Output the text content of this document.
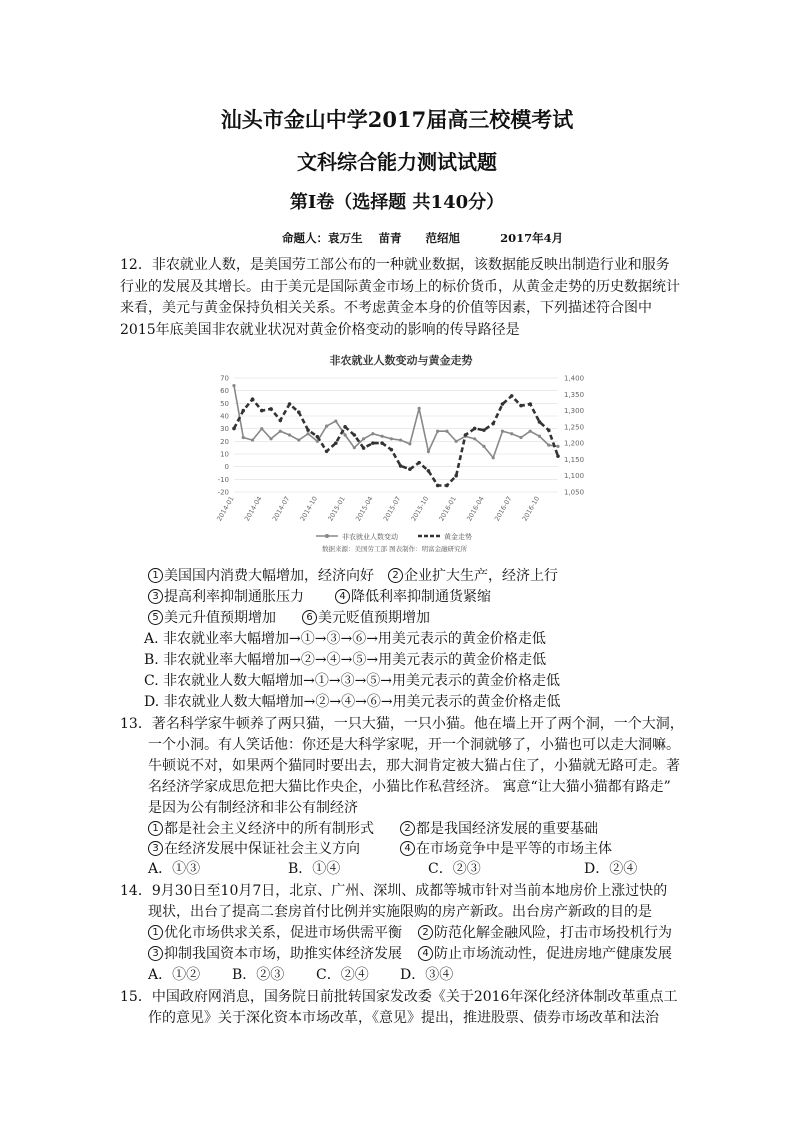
汕头市金山中学2017届高三校模考试
文科综合能力测试试题
第I卷（选择题 共140分）
命题人：袁万生    苗青      范绍旭	2017年4月
12．非农就业人数，是美国劳工部公布的一种就业数据，该数据能反映出制造行业和服务行业的发展及其增长。由于美元是国际黄金市场上的标价货币，从黄金走势的历史数据统计来看，美元与黄金保持负相关关系。不考虑黄金本身的价值等因素，下列描述符合图中2015年底美国非农就业状况对黄金价格变动的影响的传导路径是
非农就业人数变动与黄金走势
-20
-10
0
10
20
30
40
50
60
70
1,050
1,100
1,150
1,200
1,250
1,300
1,350
1,400
2014-01 2014-04 2014-07 2014-10 2015-01 2015-04 2015-07 2015-10 2016-01 2016-04 2016-07 2016-10
非农就业人数变动	黄金走势
数据来源：美国劳工部 图表制作：明富金融研究所
1 美国国内消费大幅增加，经济向好	2 企业扩大生产，经济上行
3 提高利率抑制通胀压力	4 降低利率抑制通货紧缩
5 美元升值预期增加	6 美元贬值预期增加
A. 非农就业率大幅增加→①→③→⑥→用美元表示的黄金价格走低
B. 非农就业率大幅增加→②→④→⑤→用美元表示的黄金价格走低
C. 非农就业人数大幅增加→①→③→⑤→用美元表示的黄金价格走低
D. 非农就业人数大幅增加→②→④→⑥→用美元表示的黄金价格走低
13．著名科学家牛顿养了两只猫，一只大猫，一只小猫。他在墙上开了两个洞，一个大洞，
一个小洞。有人笑话他：你还是大科学家呢，开一个洞就够了，小猫也可以走大洞嘛。
牛顿说不对，如果两个猫同时要出去，那大洞肯定被大猫占住了，小猫就无路可走。著
名经济学家成思危把大猫比作央企，小猫比作私营经济。 寓意“让大猫小猫都有路走”
是因为公有制经济和非公有制经济
1 都是社会主义经济中的所有制形式	2 都是我国经济发展的重要基础
3 在经济发展中保证社会主义方向	4 在市场竞争中是平等的市场主体
A．①③	B．①④	C．②③	D．②④
14．9月30日至10月7日，北京、广州、深圳、成都等城市针对当前本地房价上涨过快的
现状，出台了提高二套房首付比例并实施限购的房产新政。出台房产新政的目的是
1 优化市场供求关系，促进市场供需平衡	2 防范化解金融风险，打击市场投机行为
3 抑制我国资本市场，助推实体经济发展	4 防止市场流动性，促进房地产健康发展
A．①② B．②③ C．②④ D．③④
15．中国政府网消息，国务院日前批转国家发改委《关于2016年深化经济体制改革重点工
作的意见》关于深化资本市场改革，《意见》提出，推进股票、债券市场改革和法治
